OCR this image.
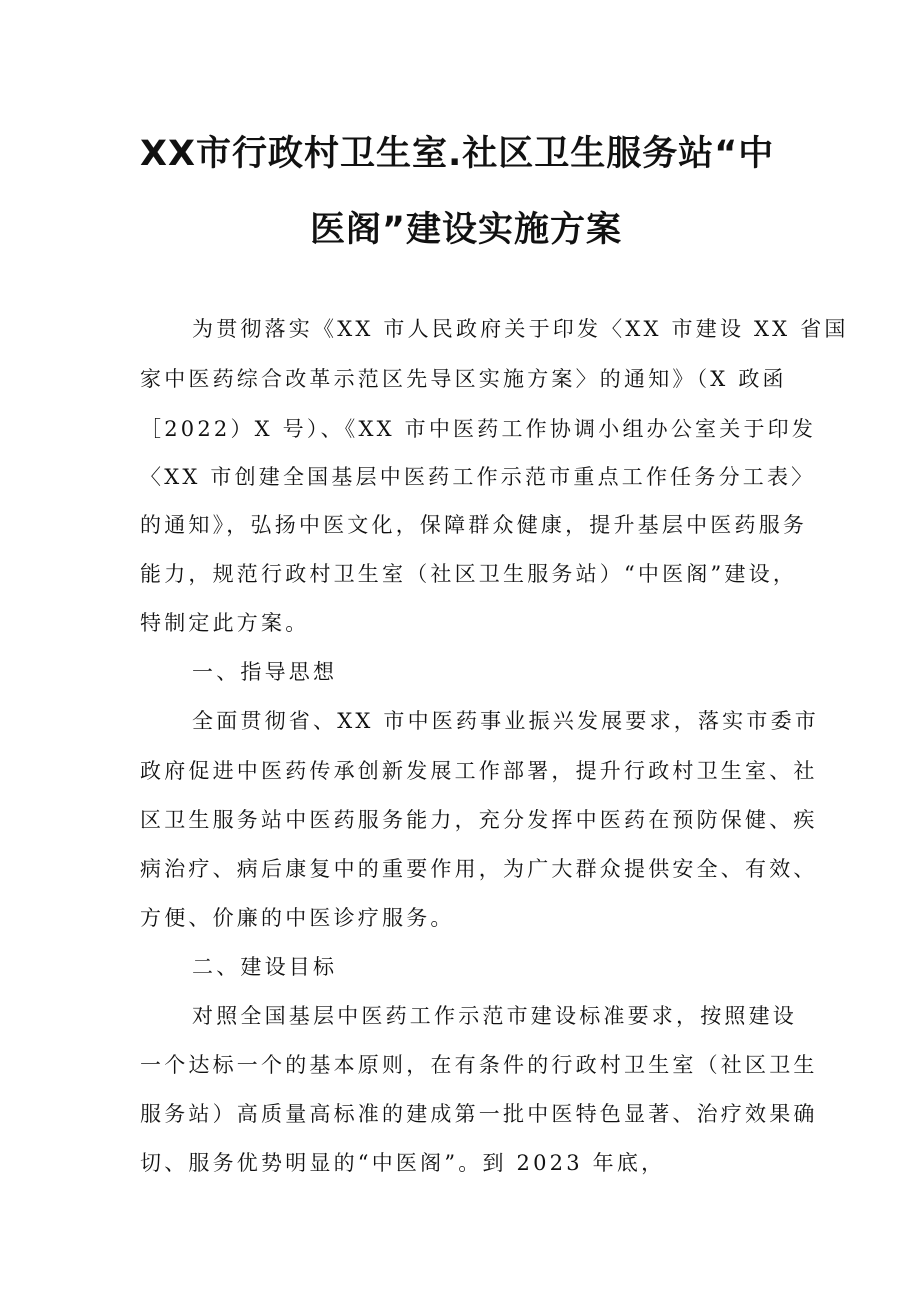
XX市行政村卫生室.社区卫生服务站“中
医阁”建设实施方案
为贯彻落实《XX 市人民政府关于印发〈XX 市建设 XX 省国
家中医药综合改革示范区先导区实施方案〉的通知》（X 政函
［2022）X 号）、《XX 市中医药工作协调小组办公室关于印发
〈XX 市创建全国基层中医药工作示范市重点工作任务分工表〉
的通知》，弘扬中医文化，保障群众健康，提升基层中医药服务
能力，规范行政村卫生室（社区卫生服务站）“中医阁”建设，
特制定此方案。
一、指导思想
全面贯彻省、XX 市中医药事业振兴发展要求，落实市委市
政府促进中医药传承创新发展工作部署，提升行政村卫生室、社
区卫生服务站中医药服务能力，充分发挥中医药在预防保健、疾
病治疗、病后康复中的重要作用，为广大群众提供安全、有效、
方便、价廉的中医诊疗服务。
二、建设目标
对照全国基层中医药工作示范市建设标准要求，按照建设
一个达标一个的基本原则，在有条件的行政村卫生室（社区卫生
服务站）高质量高标准的建成第一批中医特色显著、治疗效果确
切、服务优势明显的“中医阁”。到 2023 年底，
